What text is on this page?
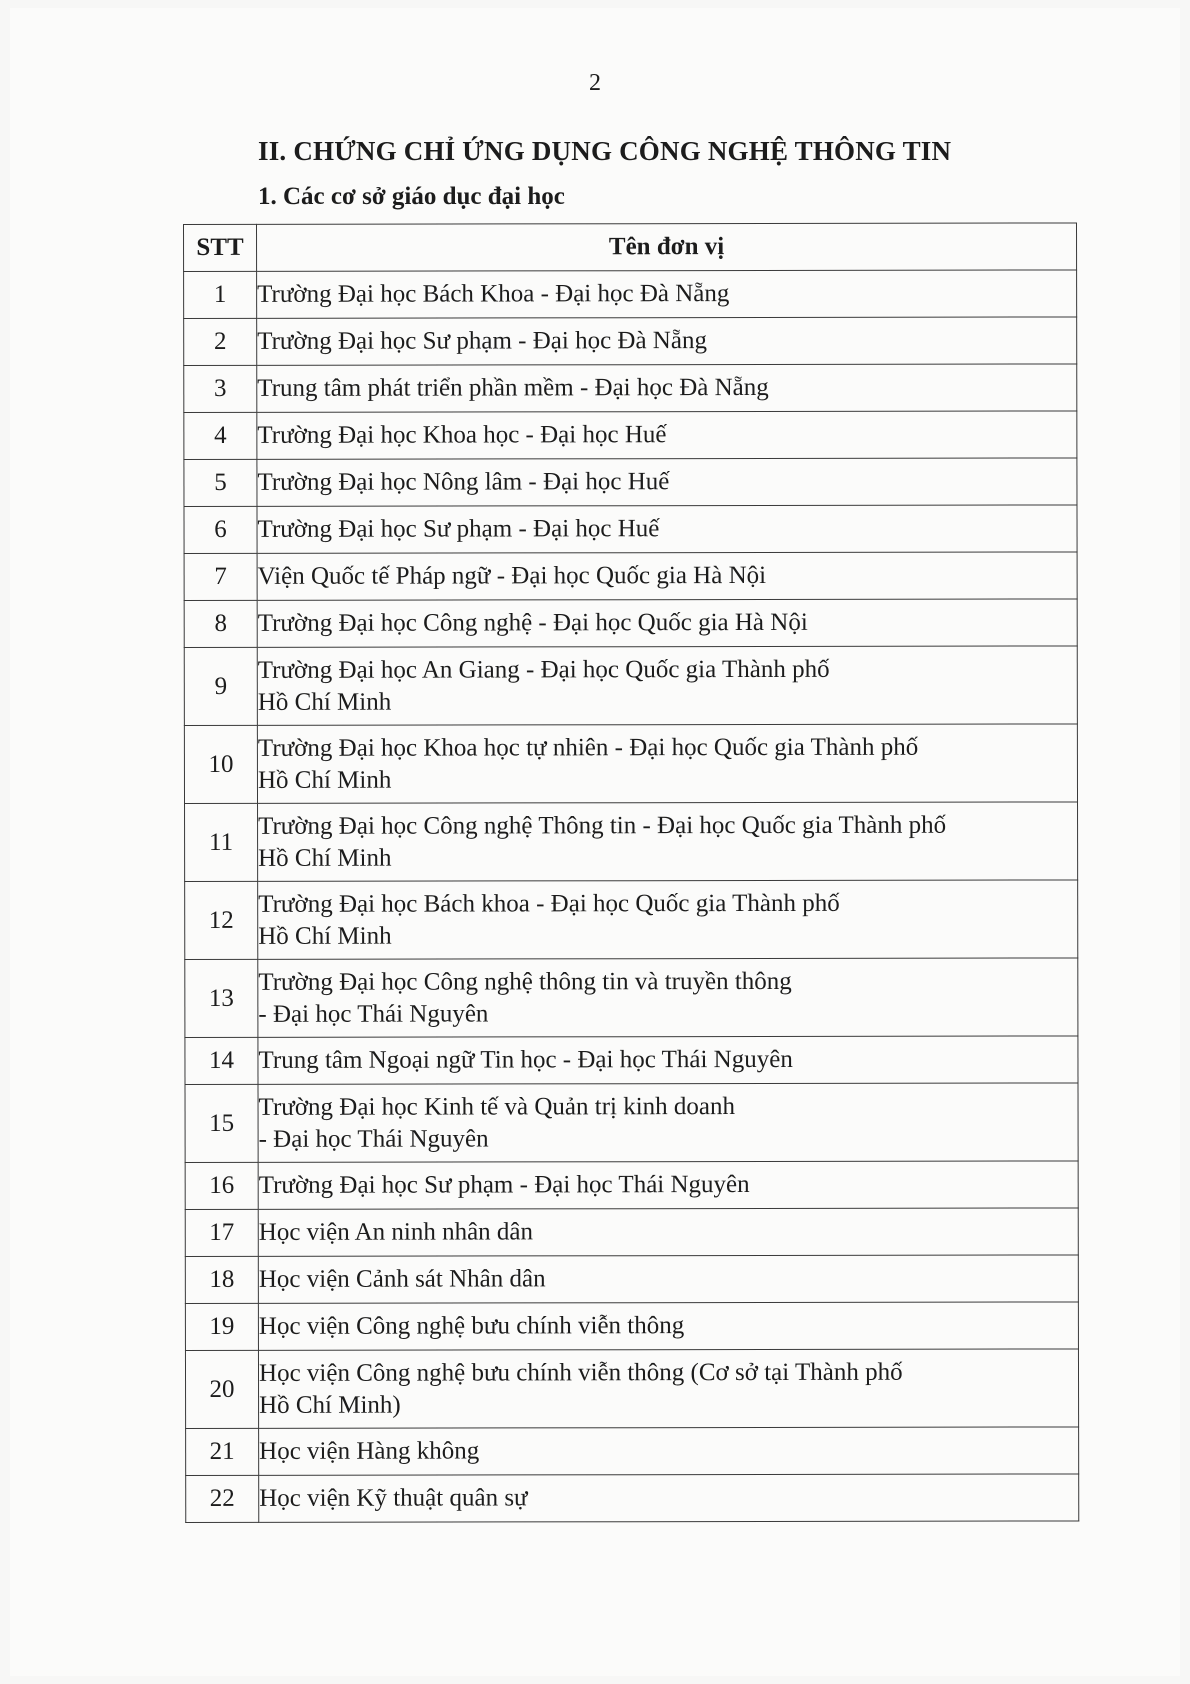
2
II. CHỨNG CHỈ ỨNG DỤNG CÔNG NGHỆ THÔNG TIN
1. Các cơ sở giáo dục đại học
STT	Tên đơn vị
1	Trường Đại học Bách Khoa - Đại học Đà Nẵng

2	Trường Đại học Sư phạm - Đại học Đà Nẵng

3	Trung tâm phát triển phần mềm - Đại học Đà Nẵng

4	Trường Đại học Khoa học - Đại học Huế

5	Trường Đại học Nông lâm - Đại học Huế

6	Trường Đại học Sư phạm - Đại học Huế

7	Viện Quốc tế Pháp ngữ - Đại học Quốc gia Hà Nội

8	Trường Đại học Công nghệ - Đại học Quốc gia Hà Nội

9	Trường Đại học An Giang - Đại học Quốc gia Thành phố
Hồ Chí Minh

10	Trường Đại học Khoa học tự nhiên - Đại học Quốc gia Thành phố
Hồ Chí Minh

11	Trường Đại học Công nghệ Thông tin - Đại học Quốc gia Thành phố
Hồ Chí Minh

12	Trường Đại học Bách khoa - Đại học Quốc gia Thành phố
Hồ Chí Minh

13	Trường Đại học Công nghệ thông tin và truyền thông
- Đại học Thái Nguyên

14	Trung tâm Ngoại ngữ Tin học - Đại học Thái Nguyên

15	Trường Đại học Kinh tế và Quản trị kinh doanh
- Đại học Thái Nguyên

16	Trường Đại học Sư phạm - Đại học Thái Nguyên

17	Học viện An ninh nhân dân

18	Học viện Cảnh sát Nhân dân

19	Học viện Công nghệ bưu chính viễn thông

20	Học viện Công nghệ bưu chính viễn thông (Cơ sở tại Thành phố
Hồ Chí Minh)

21	Học viện Hàng không

22	Học viện Kỹ thuật quân sự
